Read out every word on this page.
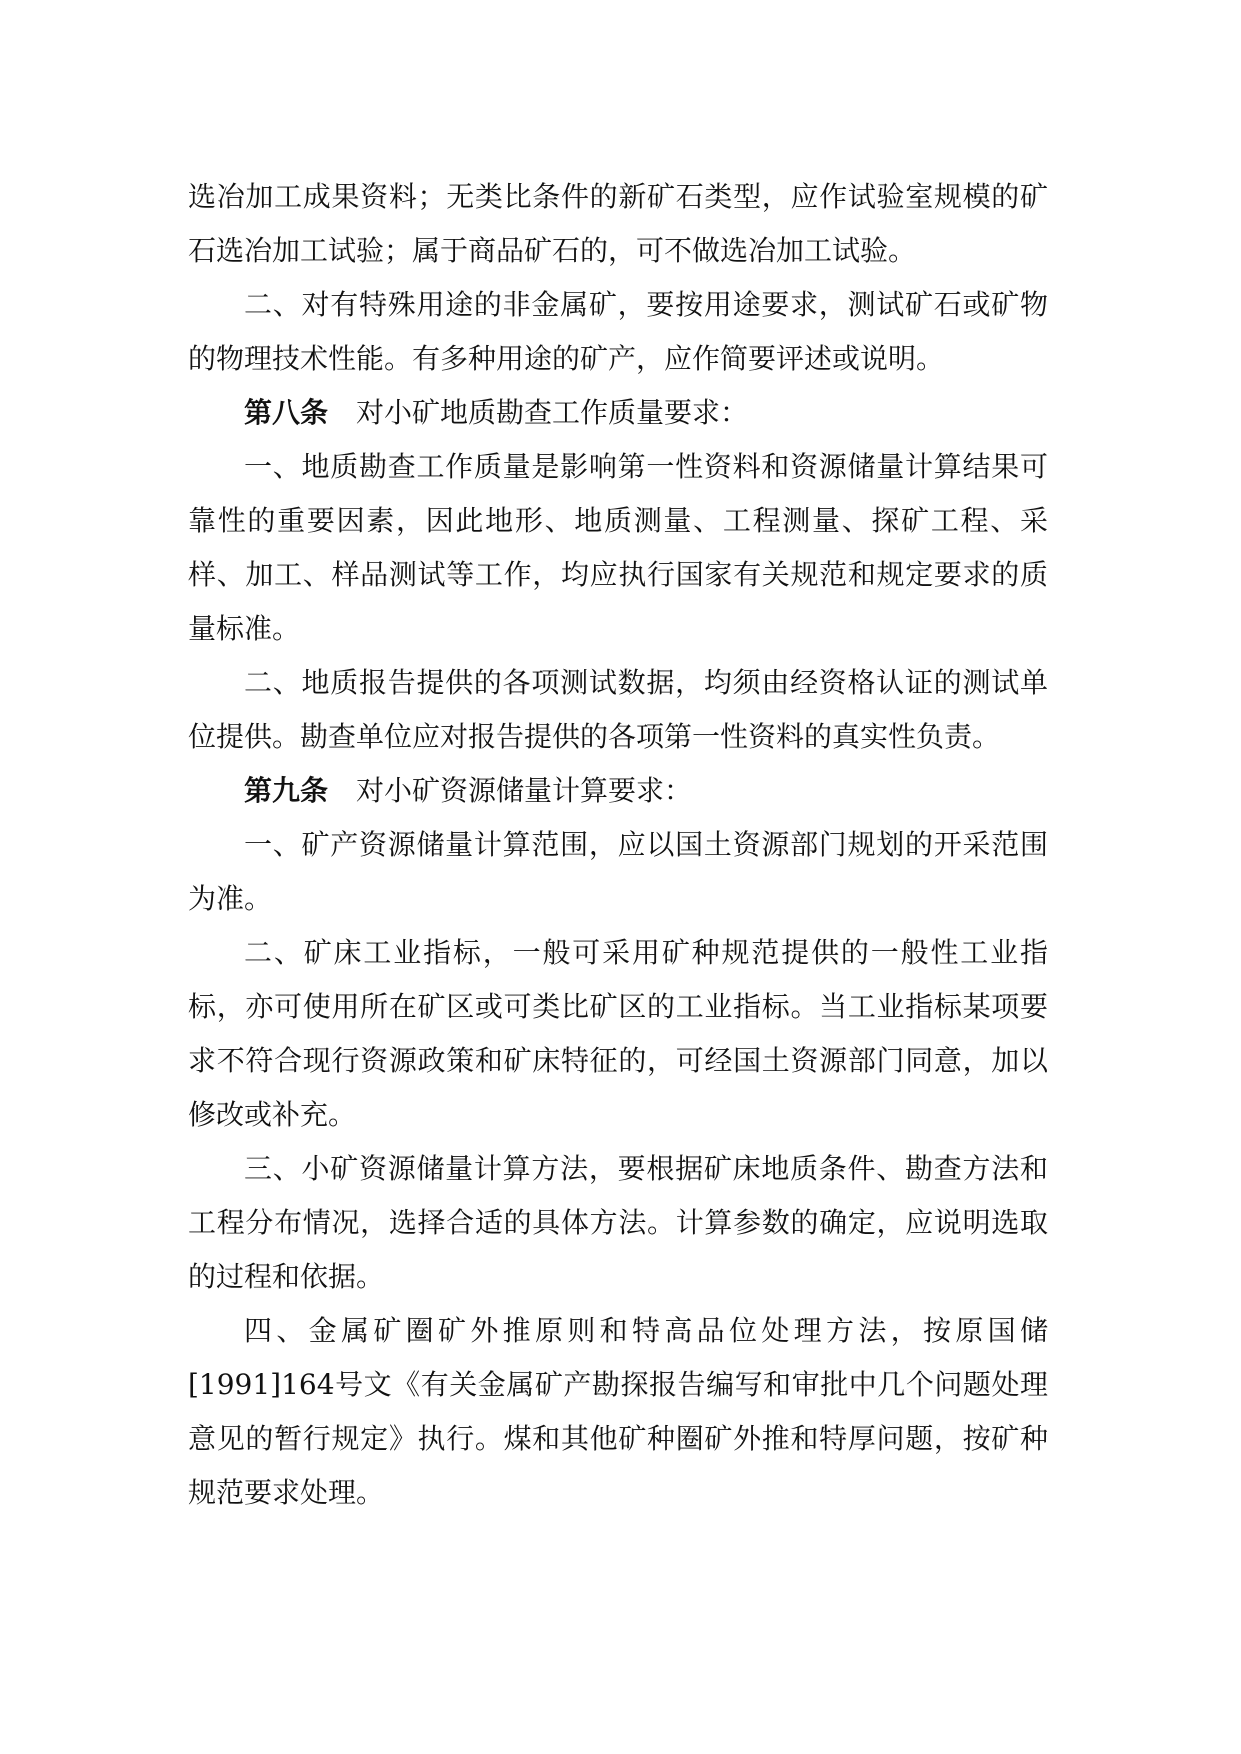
选冶加工成果资料；无类比条件的新矿石类型，应作试验室规模的矿石选冶加工试验；属于商品矿石的，可不做选冶加工试验。

二、对有特殊用途的非金属矿，要按用途要求，测试矿石或矿物的物理技术性能。有多种用途的矿产，应作简要评述或说明。

第八条 对小矿地质勘查工作质量要求：

一、地质勘查工作质量是影响第一性资料和资源储量计算结果可靠性的重要因素，因此地形、地质测量、工程测量、探矿工程、采样、加工、样品测试等工作，均应执行国家有关规范和规定要求的质量标准。

二、地质报告提供的各项测试数据，均须由经资格认证的测试单位提供。勘查单位应对报告提供的各项第一性资料的真实性负责。

第九条 对小矿资源储量计算要求：

一、矿产资源储量计算范围，应以国土资源部门规划的开采范围为准。

二、矿床工业指标，一般可采用矿种规范提供的一般性工业指标，亦可使用所在矿区或可类比矿区的工业指标。当工业指标某项要求不符合现行资源政策和矿床特征的，可经国土资源部门同意，加以修改或补充。

三、小矿资源储量计算方法，要根据矿床地质条件、勘查方法和工程分布情况，选择合适的具体方法。计算参数的确定，应说明选取的过程和依据。

四、金属矿圈矿外推原则和特高品位处理方法，按原国储[1991]164号文《有关金属矿产勘探报告编写和审批中几个问题处理意见的暂行规定》执行。煤和其他矿种圈矿外推和特厚问题，按矿种规范要求处理。
